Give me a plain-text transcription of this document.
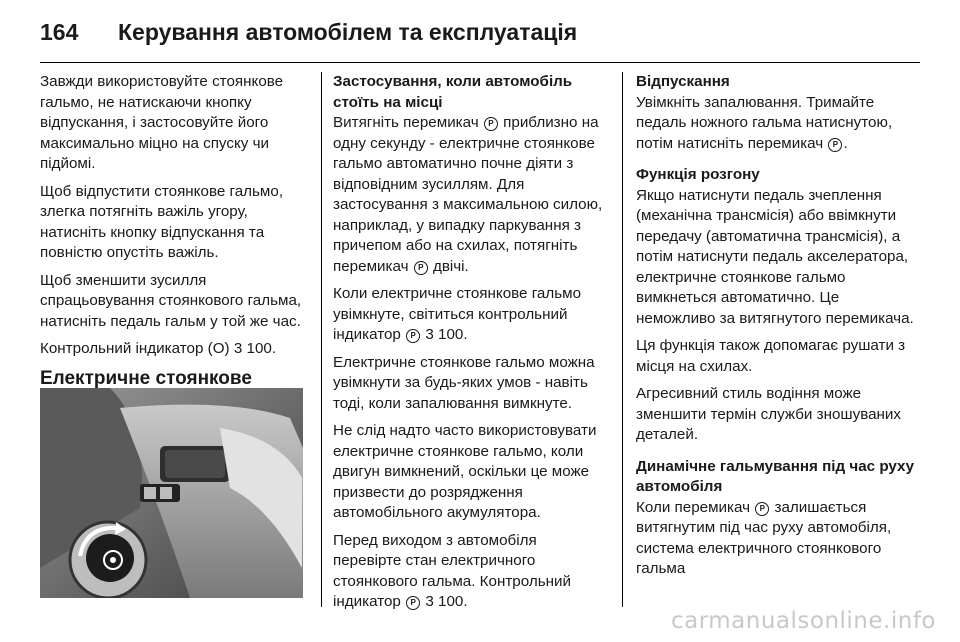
164	Керування автомобілем та експлуатація

Завжди використовуйте стоянкове гальмо, не натискаючи кнопку відпускання, і застосовуйте його максимально міцно на спуску чи підйомі.

Щоб відпустити стоянкове гальмо, злегка потягніть важіль угору, натисніть кнопку відпускання та повністю опустіть важіль.

Щоб зменшити зусилля спрацьовування стоянкового гальма, натисніть педаль гальм у той же час.

Контрольний індикатор (O) 3 100.

Електричне стоянкове

Застосування, коли автомобіль стоїть на місці

Витягніть перемикач P приблизно на одну секунду - електричне стоянкове гальмо автоматично почне діяти з відповідним зусиллям. Для застосування з максимальною силою, наприклад, у випадку паркування з причепом або на схилах, потягніть перемикач P двічі.

Коли електричне стоянкове гальмо увімкнуте, світиться контрольний індикатор P 3 100.

Електричне стоянкове гальмо можна увімкнути за будь-яких умов - навіть тоді, коли запалювання вимкнуте.

Не слід надто часто використовувати електричне стоянкове гальмо, коли двигун вимкнений, оскільки це може призвести до розрядження автомобільного акумулятора.

Перед виходом з автомобіля перевірте стан електричного стоянкового гальма. Контрольний індикатор P 3 100.

Відпускання

Увімкніть запалювання. Тримайте педаль ножного гальма натиснутою, потім натисніть перемикач P .

Функція розгону

Якщо натиснути педаль зчеплення (механічна трансмісія) або ввімкнути передачу (автоматична трансмісія), а потім натиснути педаль акселератора, електричне стоянкове гальмо вимкнеться автоматично. Це неможливо за витягнутого перемикача.

Ця функція також допомагає рушати з місця на схилах.

Агресивний стиль водіння може зменшити термін служби зношуваних деталей.

Динамічне гальмування під час руху автомобіля

Коли перемикач P залишається витягнутим під час руху автомобіля, система електричного стоянкового гальма

carmanualsonline.info
